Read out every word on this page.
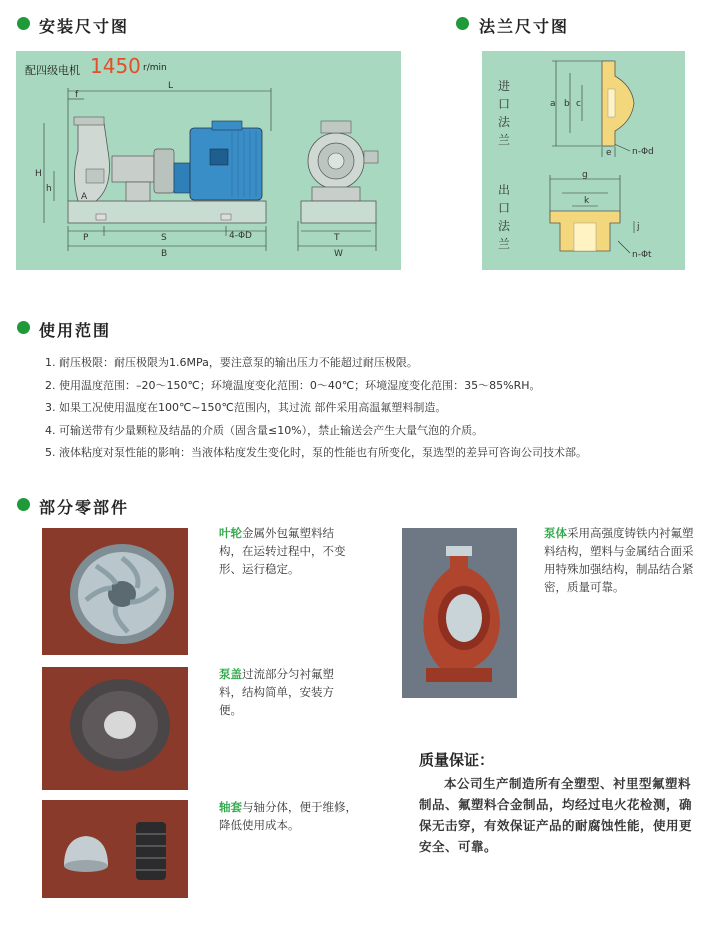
安装尺寸图
配四级电机 1450 r/min
L
f
H
h
A
P	S
B
4-ΦD	T
W
法兰尺寸图
进
口
法
兰
出
口
法
兰
a b c
e n-Φd
g
k
j
n-Φt
使用范围
1. 耐压极限：耐压极限为1.6MPa，要注意泵的输出压力不能超过耐压极限。
2. 使用温度范围：–20～150℃；环境温度变化范围：0～40℃；环境湿度变化范围：35～85%RH。
3. 如果工况使用温度在100℃~150℃范围内，其过流 部件采用高温氟塑料制造。
4. 可输送带有少量颗粒及结晶的介质（固含量≤10%），禁止输送会产生大量气泡的介质。
5. 液体粘度对泵性能的影响：当液体粘度发生变化时，泵的性能也有所变化，泵选型的差异可咨询公司技术部。
部分零部件
叶轮金属外包氟塑料结构，在运转过程中，不变形、运行稳定。
泵体采用高强度铸铁内衬氟塑料结构，塑料与金属结合面采用特殊加强结构，制品结合紧密，质量可靠。
泵盖过流部分匀衬氟塑料，结构简单，安装方便。
轴套与轴分体，便于维修，降低使用成本。
质量保证：
本公司生产制造所有全塑型、衬里型氟塑料制品、氟塑料合金制品，均经过电火花检测，确保无击穿，有效保证产品的耐腐蚀性能，使用更安全、可靠。
